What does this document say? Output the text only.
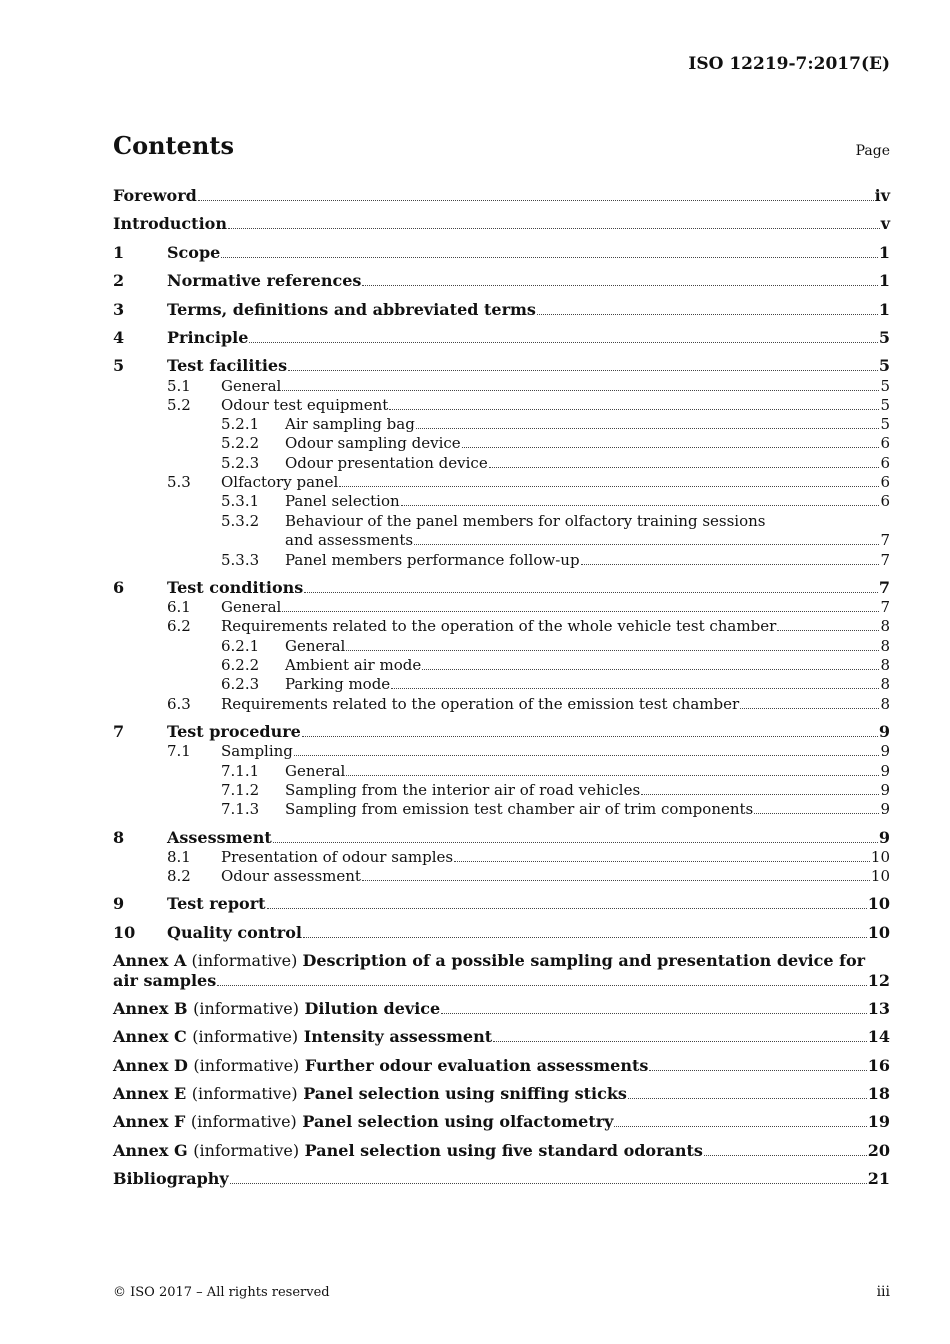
ISO 12219-7:2017(E)
Contents	Page
Foreword	iv
Introduction	v
1	Scope	1
2	Normative references	1
3	Terms, definitions and abbreviated terms	1
4	Principle	5
5	Test facilities	5
5.1 General	5
5.2 Odour test equipment	5
5.2.1 Air sampling bag	5
5.2.2 Odour sampling device	6
5.2.3 Odour presentation device	6
5.3 Olfactory panel	6
5.3.1 Panel selection	6
5.3.2 Behaviour of the panel members for olfactory training sessions
and assessments	7
5.3.3 Panel members performance follow-up	7
6	Test conditions	7
6.1 General	7
6.2 Requirements related to the operation of the whole vehicle test chamber	8
6.2.1 General	8
6.2.2 Ambient air mode	8
6.2.3 Parking mode	8
6.3 Requirements related to the operation of the emission test chamber	8
7	Test procedure	9
7.1 Sampling	9
7.1.1 General	9
7.1.2 Sampling from the interior air of road vehicles	9
7.1.3 Sampling from emission test chamber air of trim components	9
8	Assessment	9
8.1 Presentation of odour samples	10
8.2 Odour assessment	10
9	Test report	10
10 Quality control	10
Annex A (informative) Description of a possible sampling and presentation device for
air samples	12
Annex B (informative) Dilution device	13
Annex C (informative) Intensity assessment	14
Annex D (informative) Further odour evaluation assessments	16
Annex E (informative) Panel selection using sniffing sticks	18
Annex F (informative) Panel selection using olfactometry	19
Annex G (informative) Panel selection using five standard odorants	20
Bibliography	21
© ISO 2017 – All rights reserved	iii
